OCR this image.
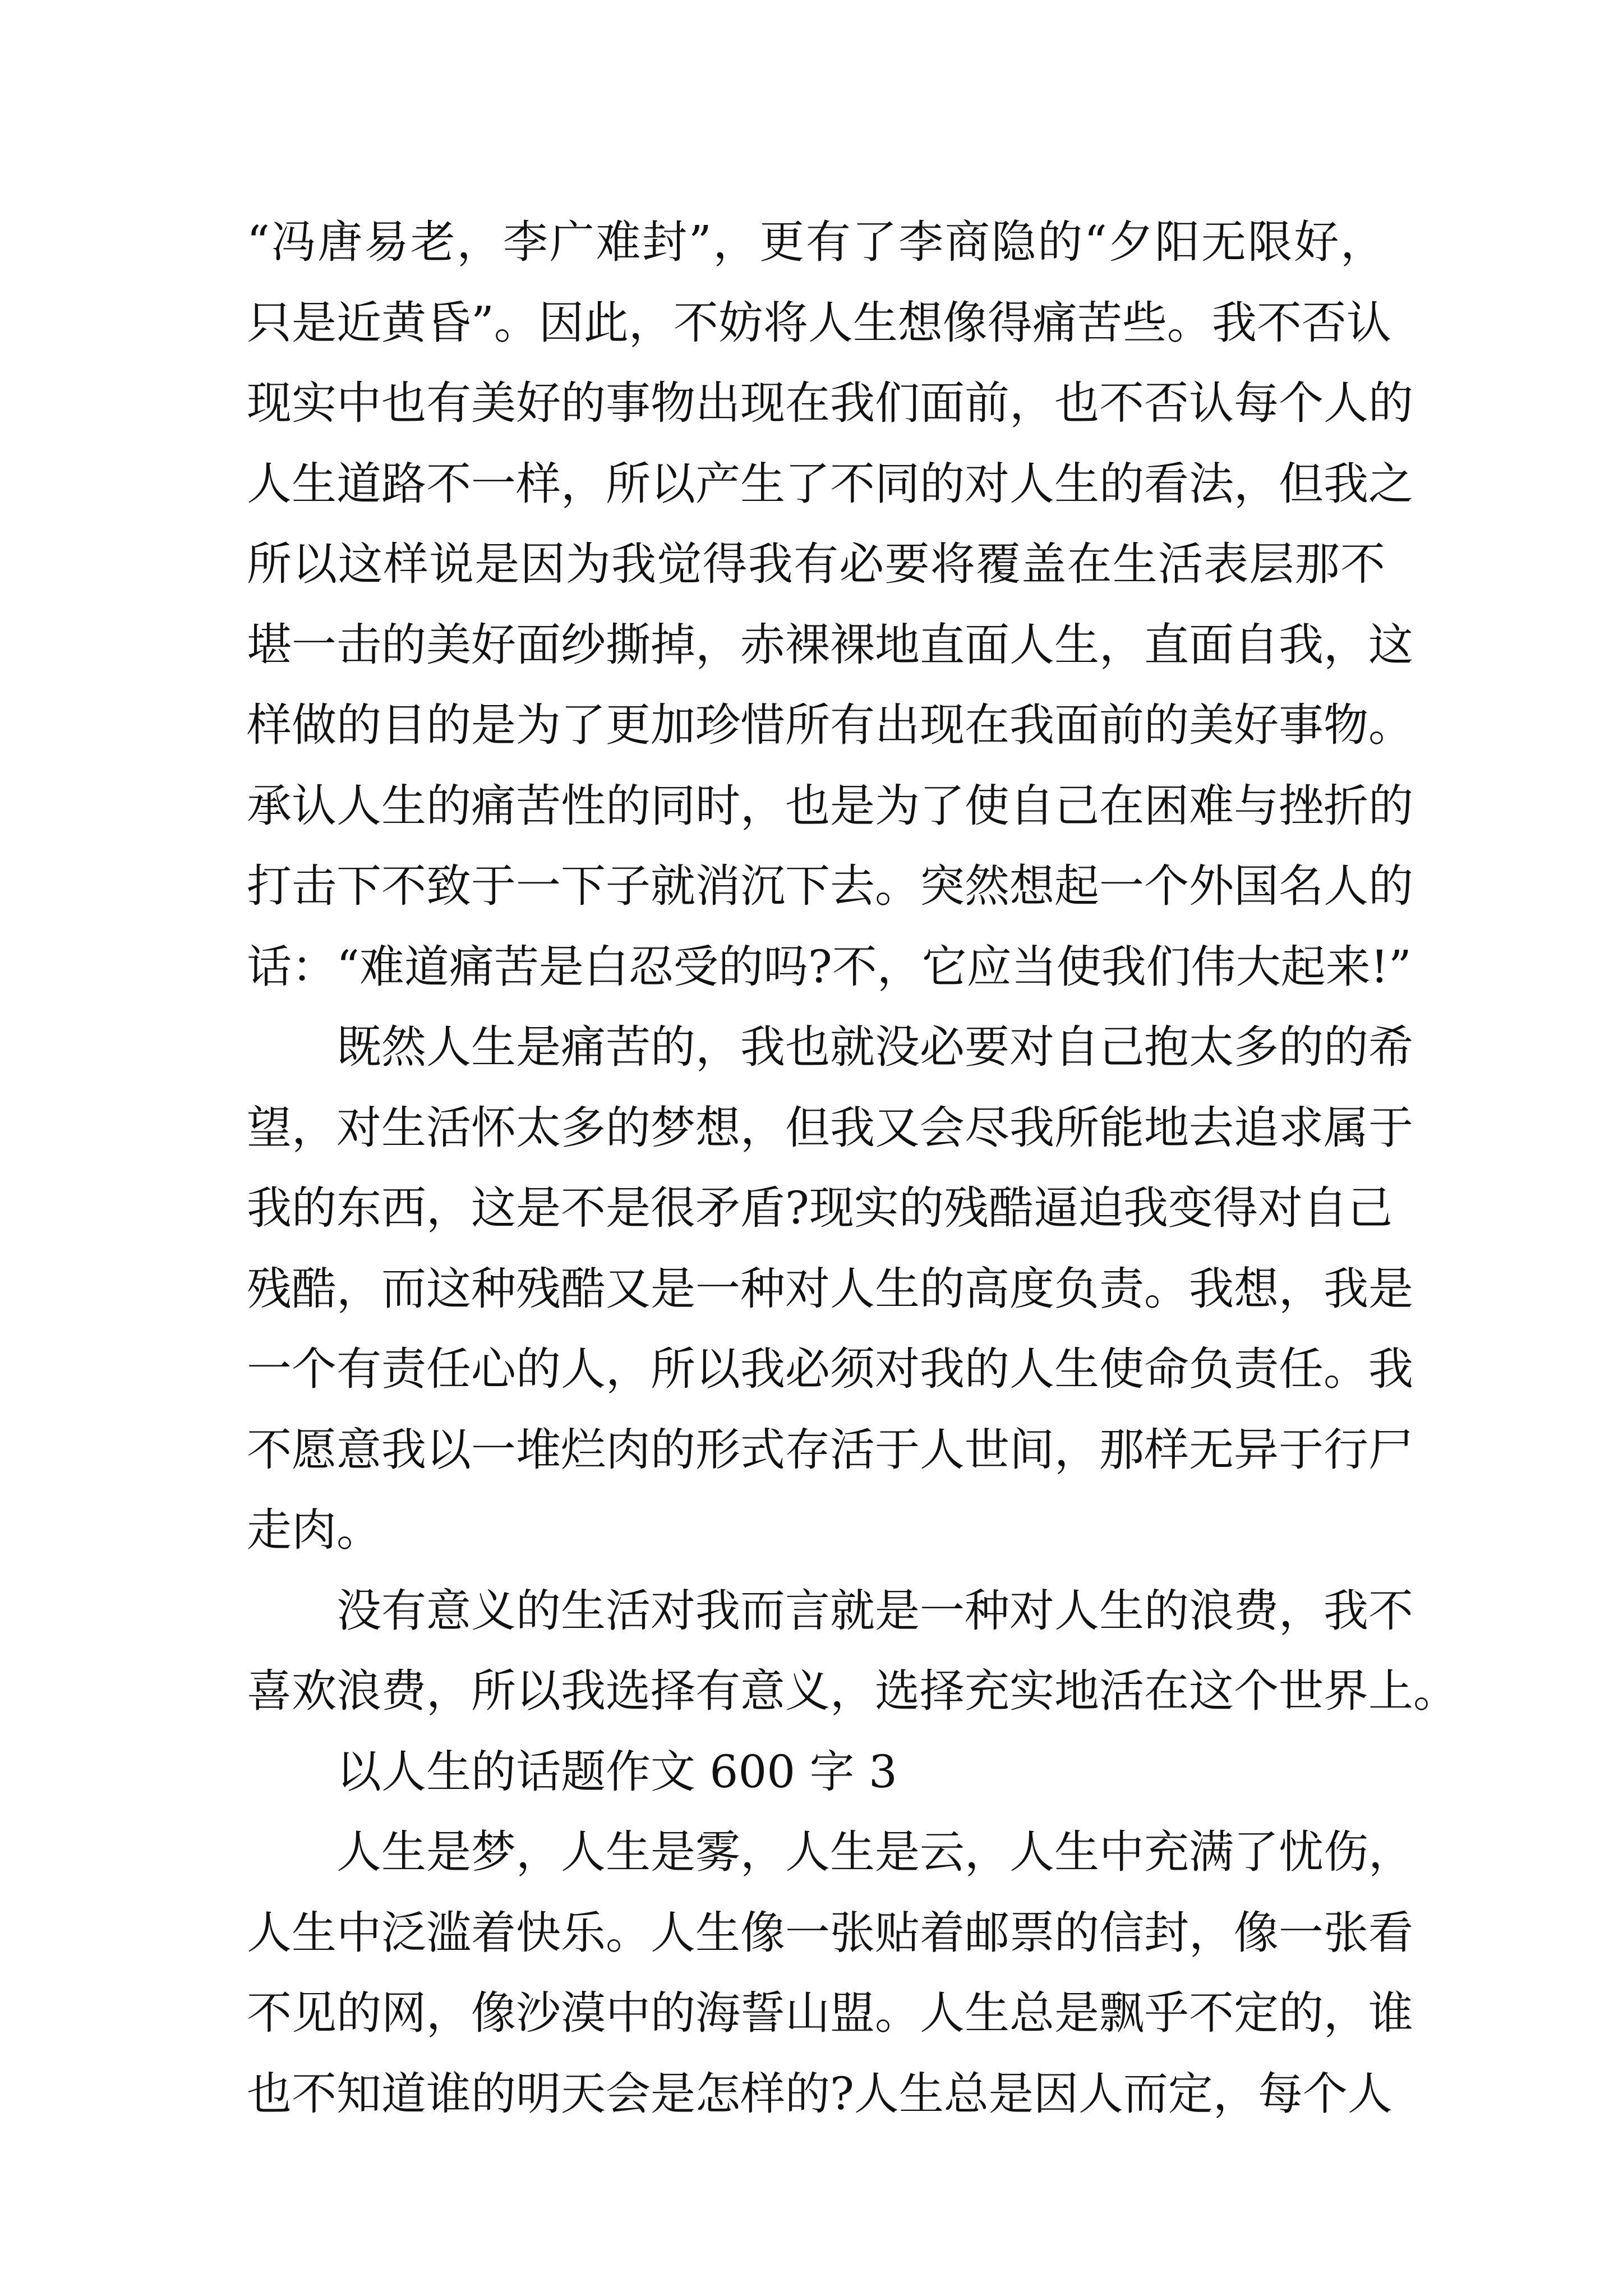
“冯唐易老，李广难封”，更有了李商隐的“夕阳无限好，
只是近黄昏”。因此，不妨将人生想像得痛苦些。我不否认
现实中也有美好的事物出现在我们面前，也不否认每个人的
人生道路不一样，所以产生了不同的对人生的看法，但我之
所以这样说是因为我觉得我有必要将覆盖在生活表层那不
堪一击的美好面纱撕掉，赤裸裸地直面人生，直面自我，这
样做的目的是为了更加珍惜所有出现在我面前的美好事物。
承认人生的痛苦性的同时，也是为了使自己在困难与挫折的
打击下不致于一下子就消沉下去。突然想起一个外国名人的
话：“难道痛苦是白忍受的吗?不，它应当使我们伟大起来!”
既然人生是痛苦的，我也就没必要对自己抱太多的的希
望，对生活怀太多的梦想，但我又会尽我所能地去追求属于
我的东西，这是不是很矛盾?现实的残酷逼迫我变得对自己
残酷，而这种残酷又是一种对人生的高度负责。我想，我是
一个有责任心的人，所以我必须对我的人生使命负责任。我
不愿意我以一堆烂肉的形式存活于人世间，那样无异于行尸
走肉。
没有意义的生活对我而言就是一种对人生的浪费，我不
喜欢浪费，所以我选择有意义，选择充实地活在这个世界上。
以人生的话题作文 600 字 3
人生是梦，人生是雾，人生是云，人生中充满了忧伤，
人生中泛滥着快乐。人生像一张贴着邮票的信封，像一张看
不见的网，像沙漠中的海誓山盟。人生总是飘乎不定的，谁
也不知道谁的明天会是怎样的?人生总是因人而定，每个人
